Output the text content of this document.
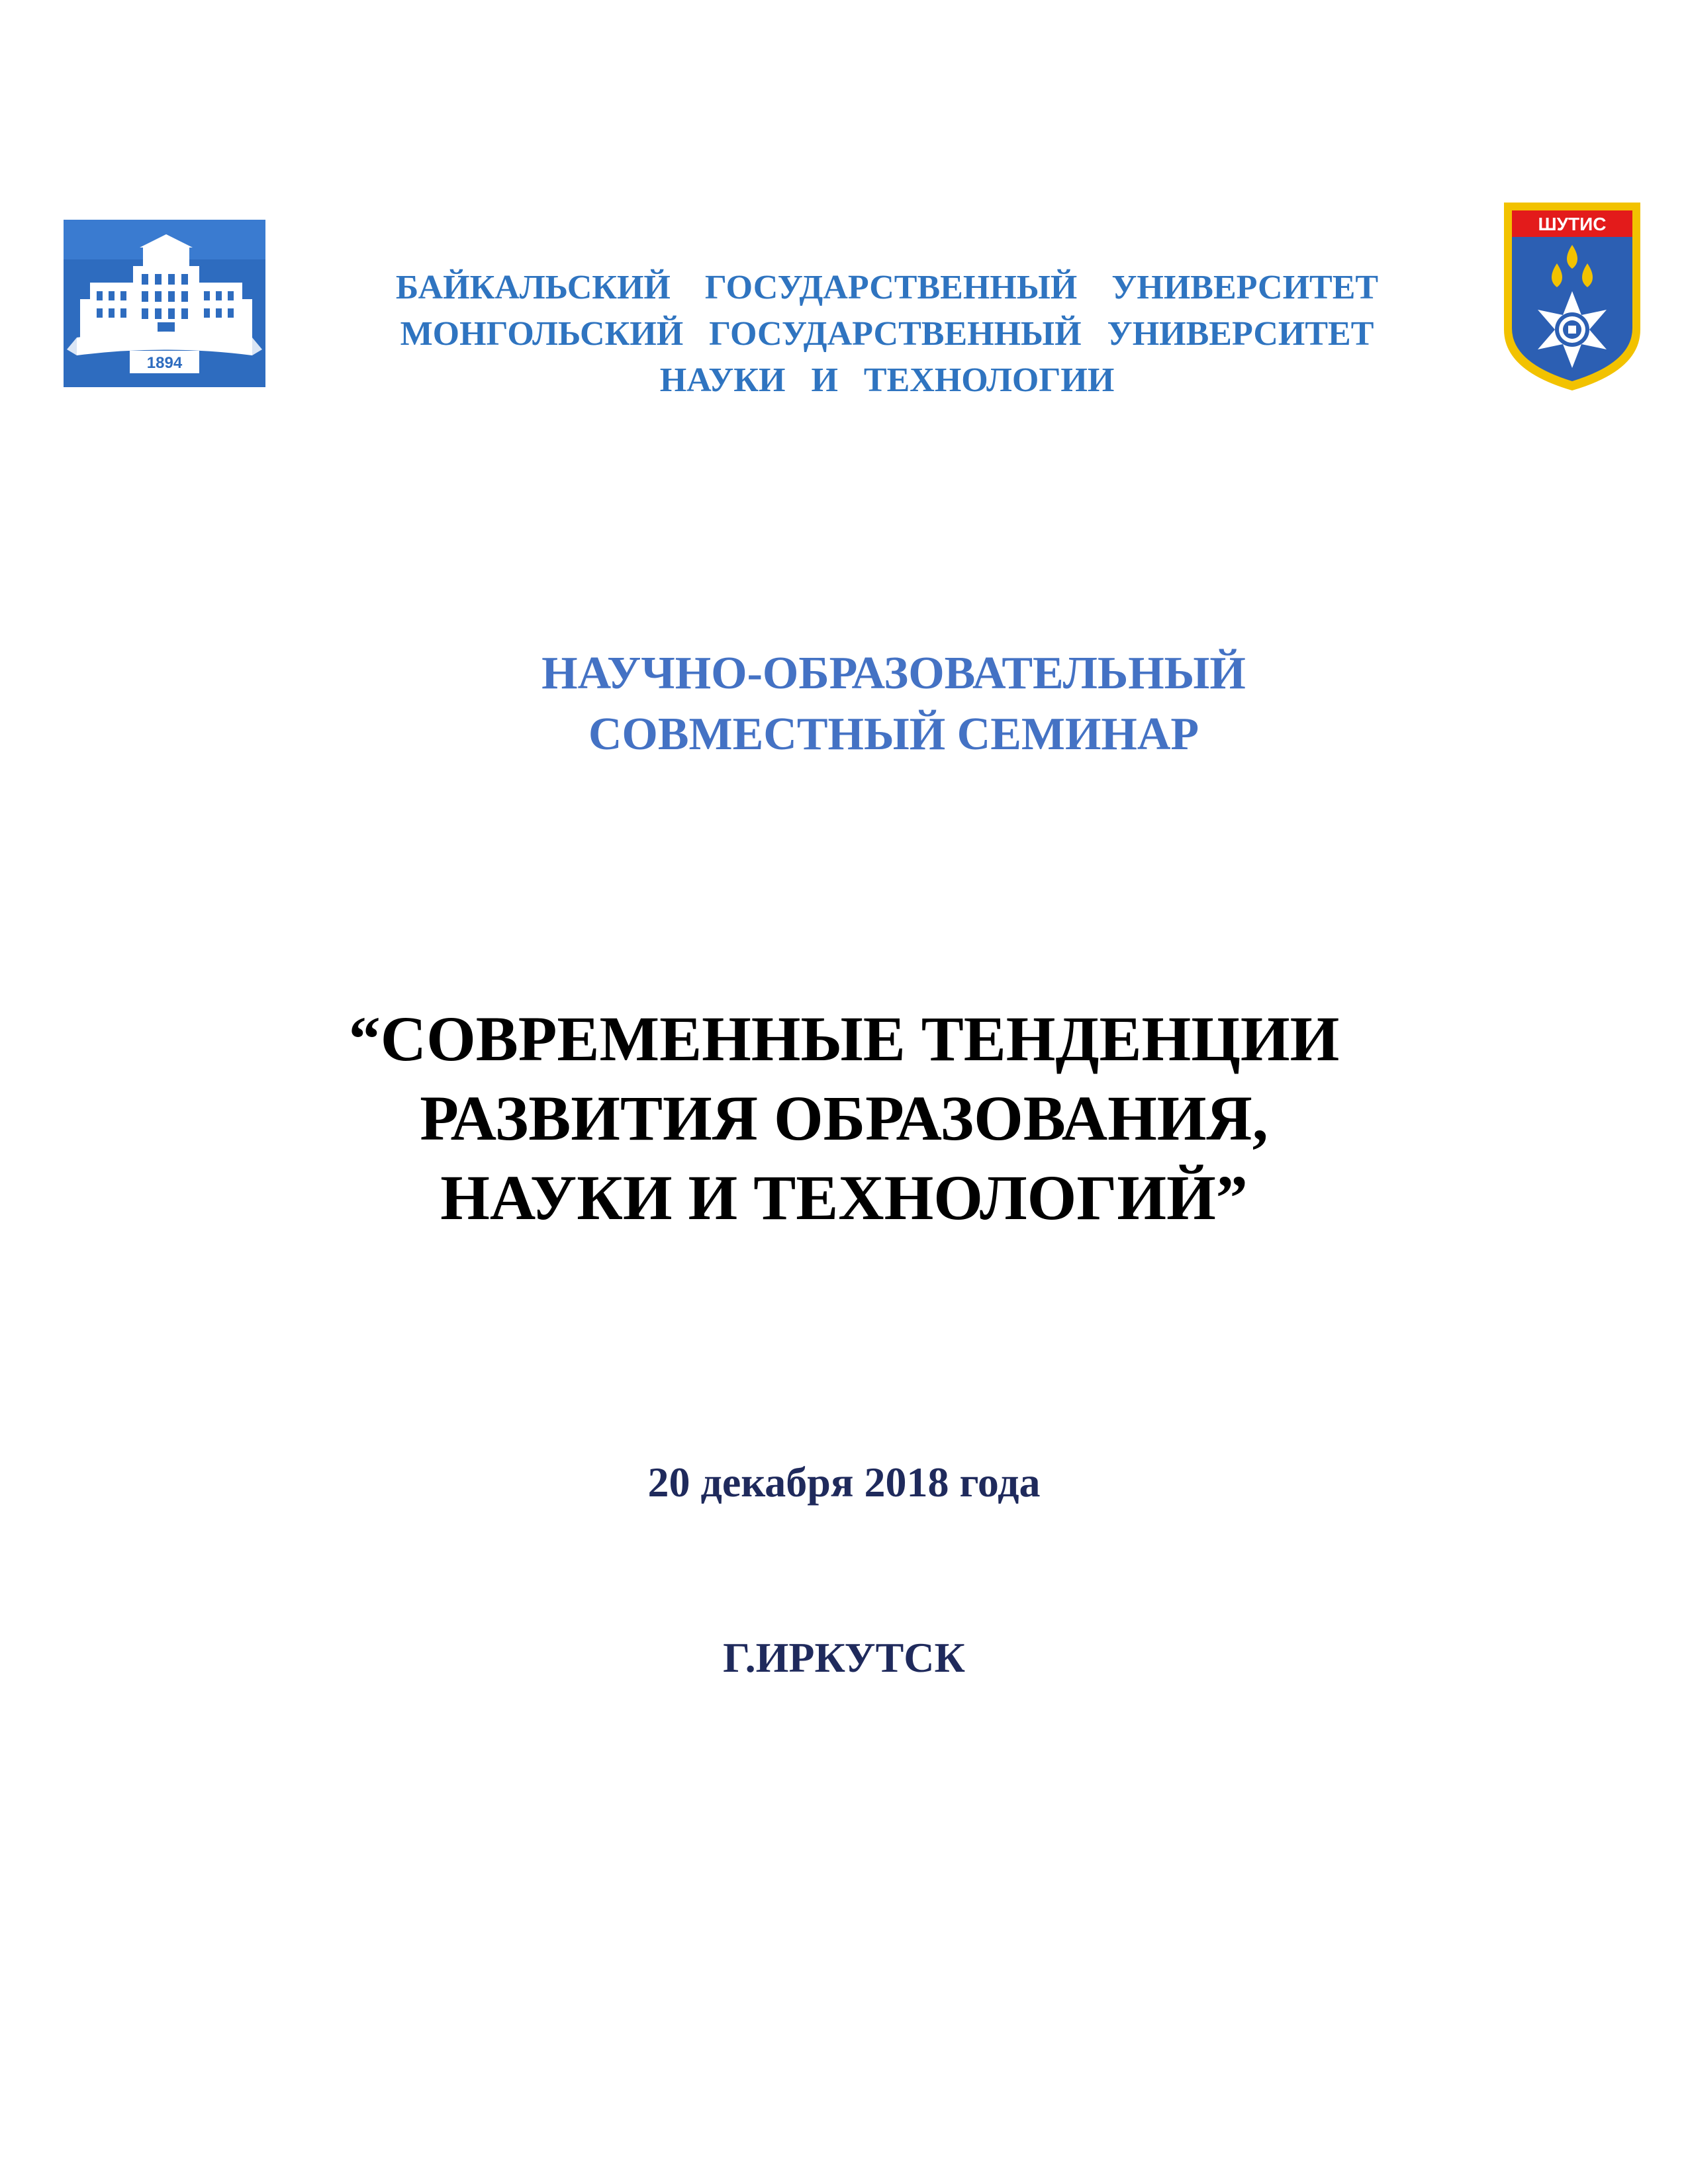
1894
ШУТИС
БАЙКАЛЬСКИЙ    ГОСУДАРСТВЕННЫЙ    УНИВЕРСИТЕТ
МОНГОЛЬСКИЙ   ГОСУДАРСТВЕННЫЙ   УНИВЕРСИТЕТ
НАУКИ   И   ТЕХНОЛОГИИ
НАУЧНО-ОБРАЗОВАТЕЛЬНЫЙ
СОВМЕСТНЫЙ СЕМИНАР
“СОВРЕМЕННЫЕ ТЕНДЕНЦИИ
РАЗВИТИЯ ОБРАЗОВАНИЯ,
НАУКИ И ТЕХНОЛОГИЙ”
20 декабря 2018 года
Г.ИРКУТСК
